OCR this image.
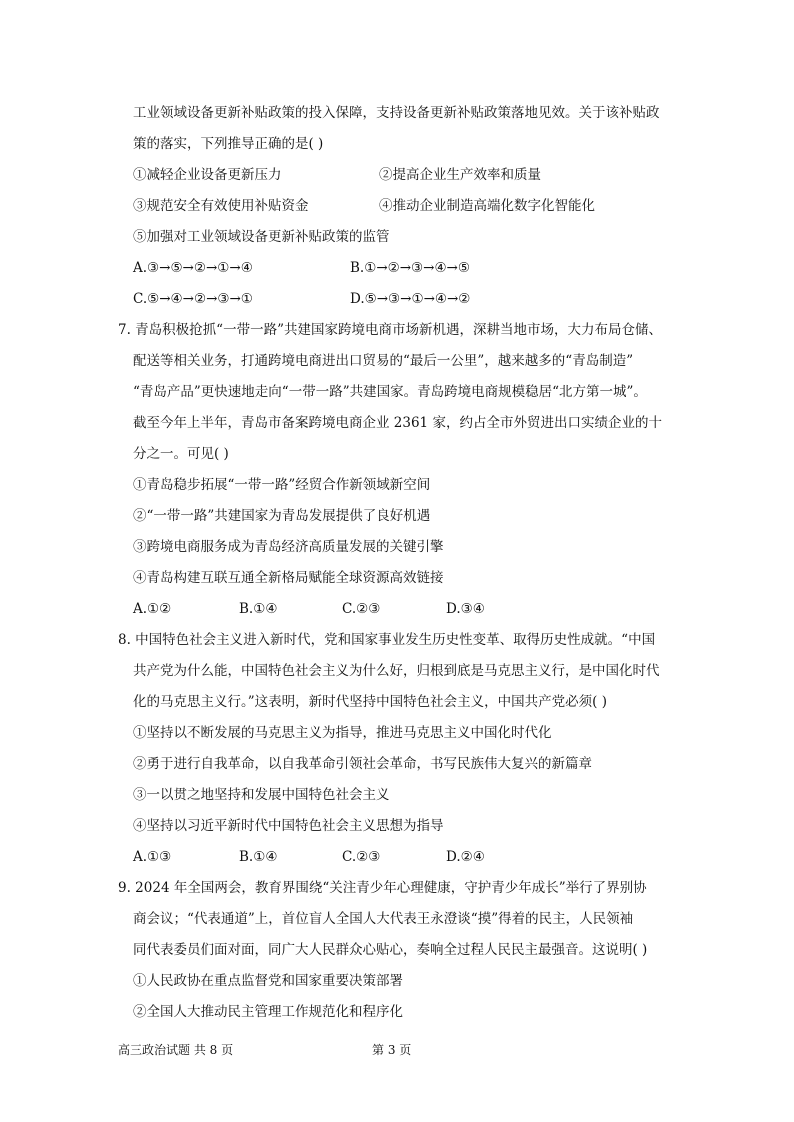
工业领域设备更新补贴政策的投入保障，支持设备更新补贴政策落地见效。关于该补贴政
策的落实，下列推导正确的是( )
①减轻企业设备更新压力	②提高企业生产效率和质量
③规范安全有效使用补贴资金	④推动企业制造高端化数字化智能化
⑤加强对工业领域设备更新补贴政策的监管
A.③→⑤→②→①→④	B.①→②→③→④→⑤
C.⑤→④→②→③→①	D.⑤→③→①→④→②
7. 青岛积极抢抓“一带一路”共建国家跨境电商市场新机遇，深耕当地市场，大力布局仓储、
配送等相关业务，打通跨境电商进出口贸易的“最后一公里”，越来越多的“青岛制造”
“青岛产品”更快速地走向“一带一路”共建国家。青岛跨境电商规模稳居“北方第一城”。
截至今年上半年，青岛市备案跨境电商企业 2361 家，约占全市外贸进出口实绩企业的十
分之一。可见( )
①青岛稳步拓展“一带一路”经贸合作新领域新空间
②“一带一路”共建国家为青岛发展提供了良好机遇
③跨境电商服务成为青岛经济高质量发展的关键引擎
④青岛构建互联互通全新格局赋能全球资源高效链接
A.①②	B.①④	C.②③	D.③④
8. 中国特色社会主义进入新时代，党和国家事业发生历史性变革、取得历史性成就。“中国
共产党为什么能，中国特色社会主义为什么好，归根到底是马克思主义行，是中国化时代
化的马克思主义行。”这表明，新时代坚持中国特色社会主义，中国共产党必须( )
①坚持以不断发展的马克思主义为指导，推进马克思主义中国化时代化
②勇于进行自我革命，以自我革命引领社会革命，书写民族伟大复兴的新篇章
③一以贯之地坚持和发展中国特色社会主义
④坚持以习近平新时代中国特色社会主义思想为指导
A.①③	B.①④	C.②③	D.②④
9. 2024 年全国两会，教育界围绕“关注青少年心理健康，守护青少年成长”举行了界别协
商会议；“代表通道”上，首位盲人全国人大代表王永澄谈“摸”得着的民主，人民领袖
同代表委员们面对面，同广大人民群众心贴心，奏响全过程人民民主最强音。这说明( )
①人民政协在重点监督党和国家重要决策部署
②全国人大推动民主管理工作规范化和程序化
高三政治试题 共 8 页	第 3 页
